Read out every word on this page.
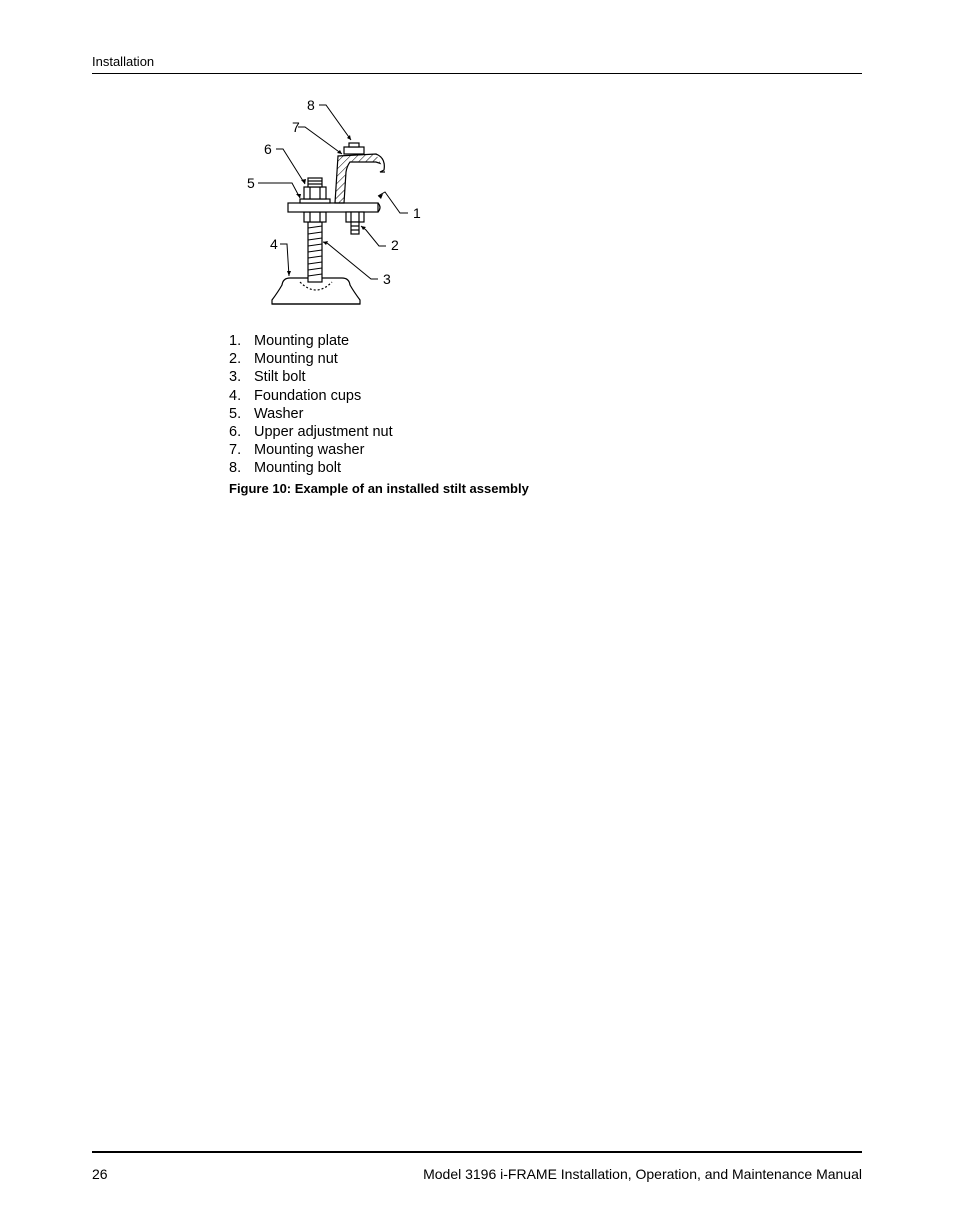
Installation
1
2
3
4
5
6
7
8
1. Mounting plate
2. Mounting nut
3. Stilt bolt
4. Foundation cups
5. Washer
6. Upper adjustment nut
7. Mounting washer
8. Mounting bolt
Figure 10: Example of an installed stilt assembly
26	Model 3196 i-FRAME Installation, Operation, and Maintenance Manual
